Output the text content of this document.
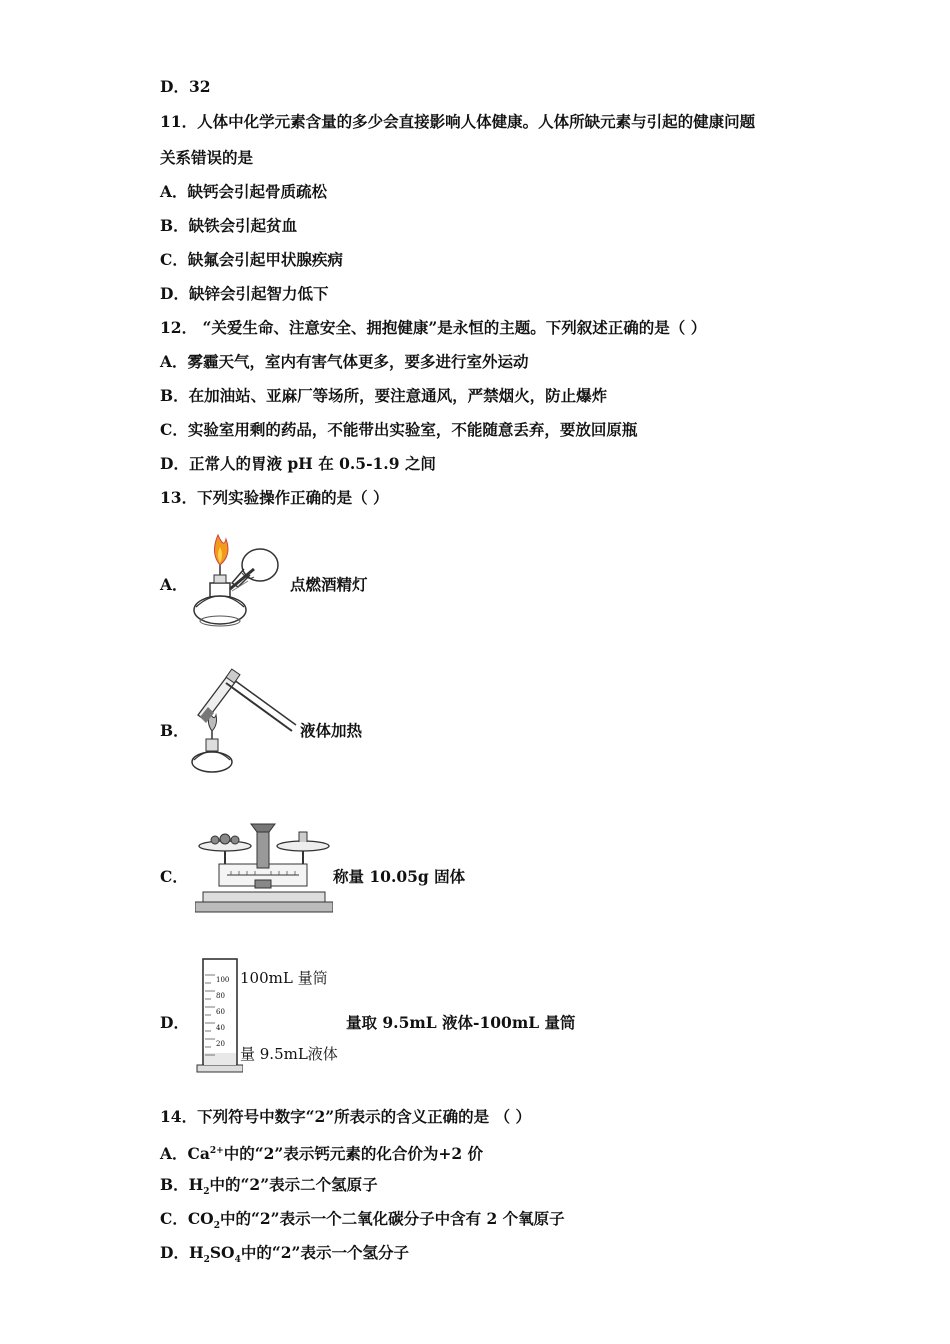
D．32
11．人体中化学元素含量的多少会直接影响人体健康。人体所缺元素与引起的健康问题
关系错误的是
A．缺钙会引起骨质疏松
B．缺铁会引起贫血
C．缺氟会引起甲状腺疾病
D．缺锌会引起智力低下
12． “关爱生命、注意安全、拥抱健康”是永恒的主题。下列叙述正确的是（ ）
A．雾霾天气，室内有害气体更多，要多进行室外运动
B．在加油站、亚麻厂等场所，要注意通风，严禁烟火，防止爆炸
C．实验室用剩的药品，不能带出实验室，不能随意丢弃，要放回原瓶
D．正常人的胃液 pH 在 0.5-1.9 之间
13．下列实验操作正确的是（ ）
A．	点燃酒精灯
B．	液体加热
C．	称量 10.05g 固体
D．
100
80
60
40
20
100mL 量筒
量 9.5mL液体
量取 9.5mL 液体-100mL 量筒
14．下列符号中数字“2”所表示的含义正确的是 （ ）
A．$Ca^{2+}$中的“2”表示钙元素的化合价为+2 价
B．$H_2$中的“2”表示二个氢原子
C．$CO_2$中的“2”表示一个二氧化碳分子中含有 2 个氧原子
D．$H_2SO_4$中的“2”表示一个氢分子
